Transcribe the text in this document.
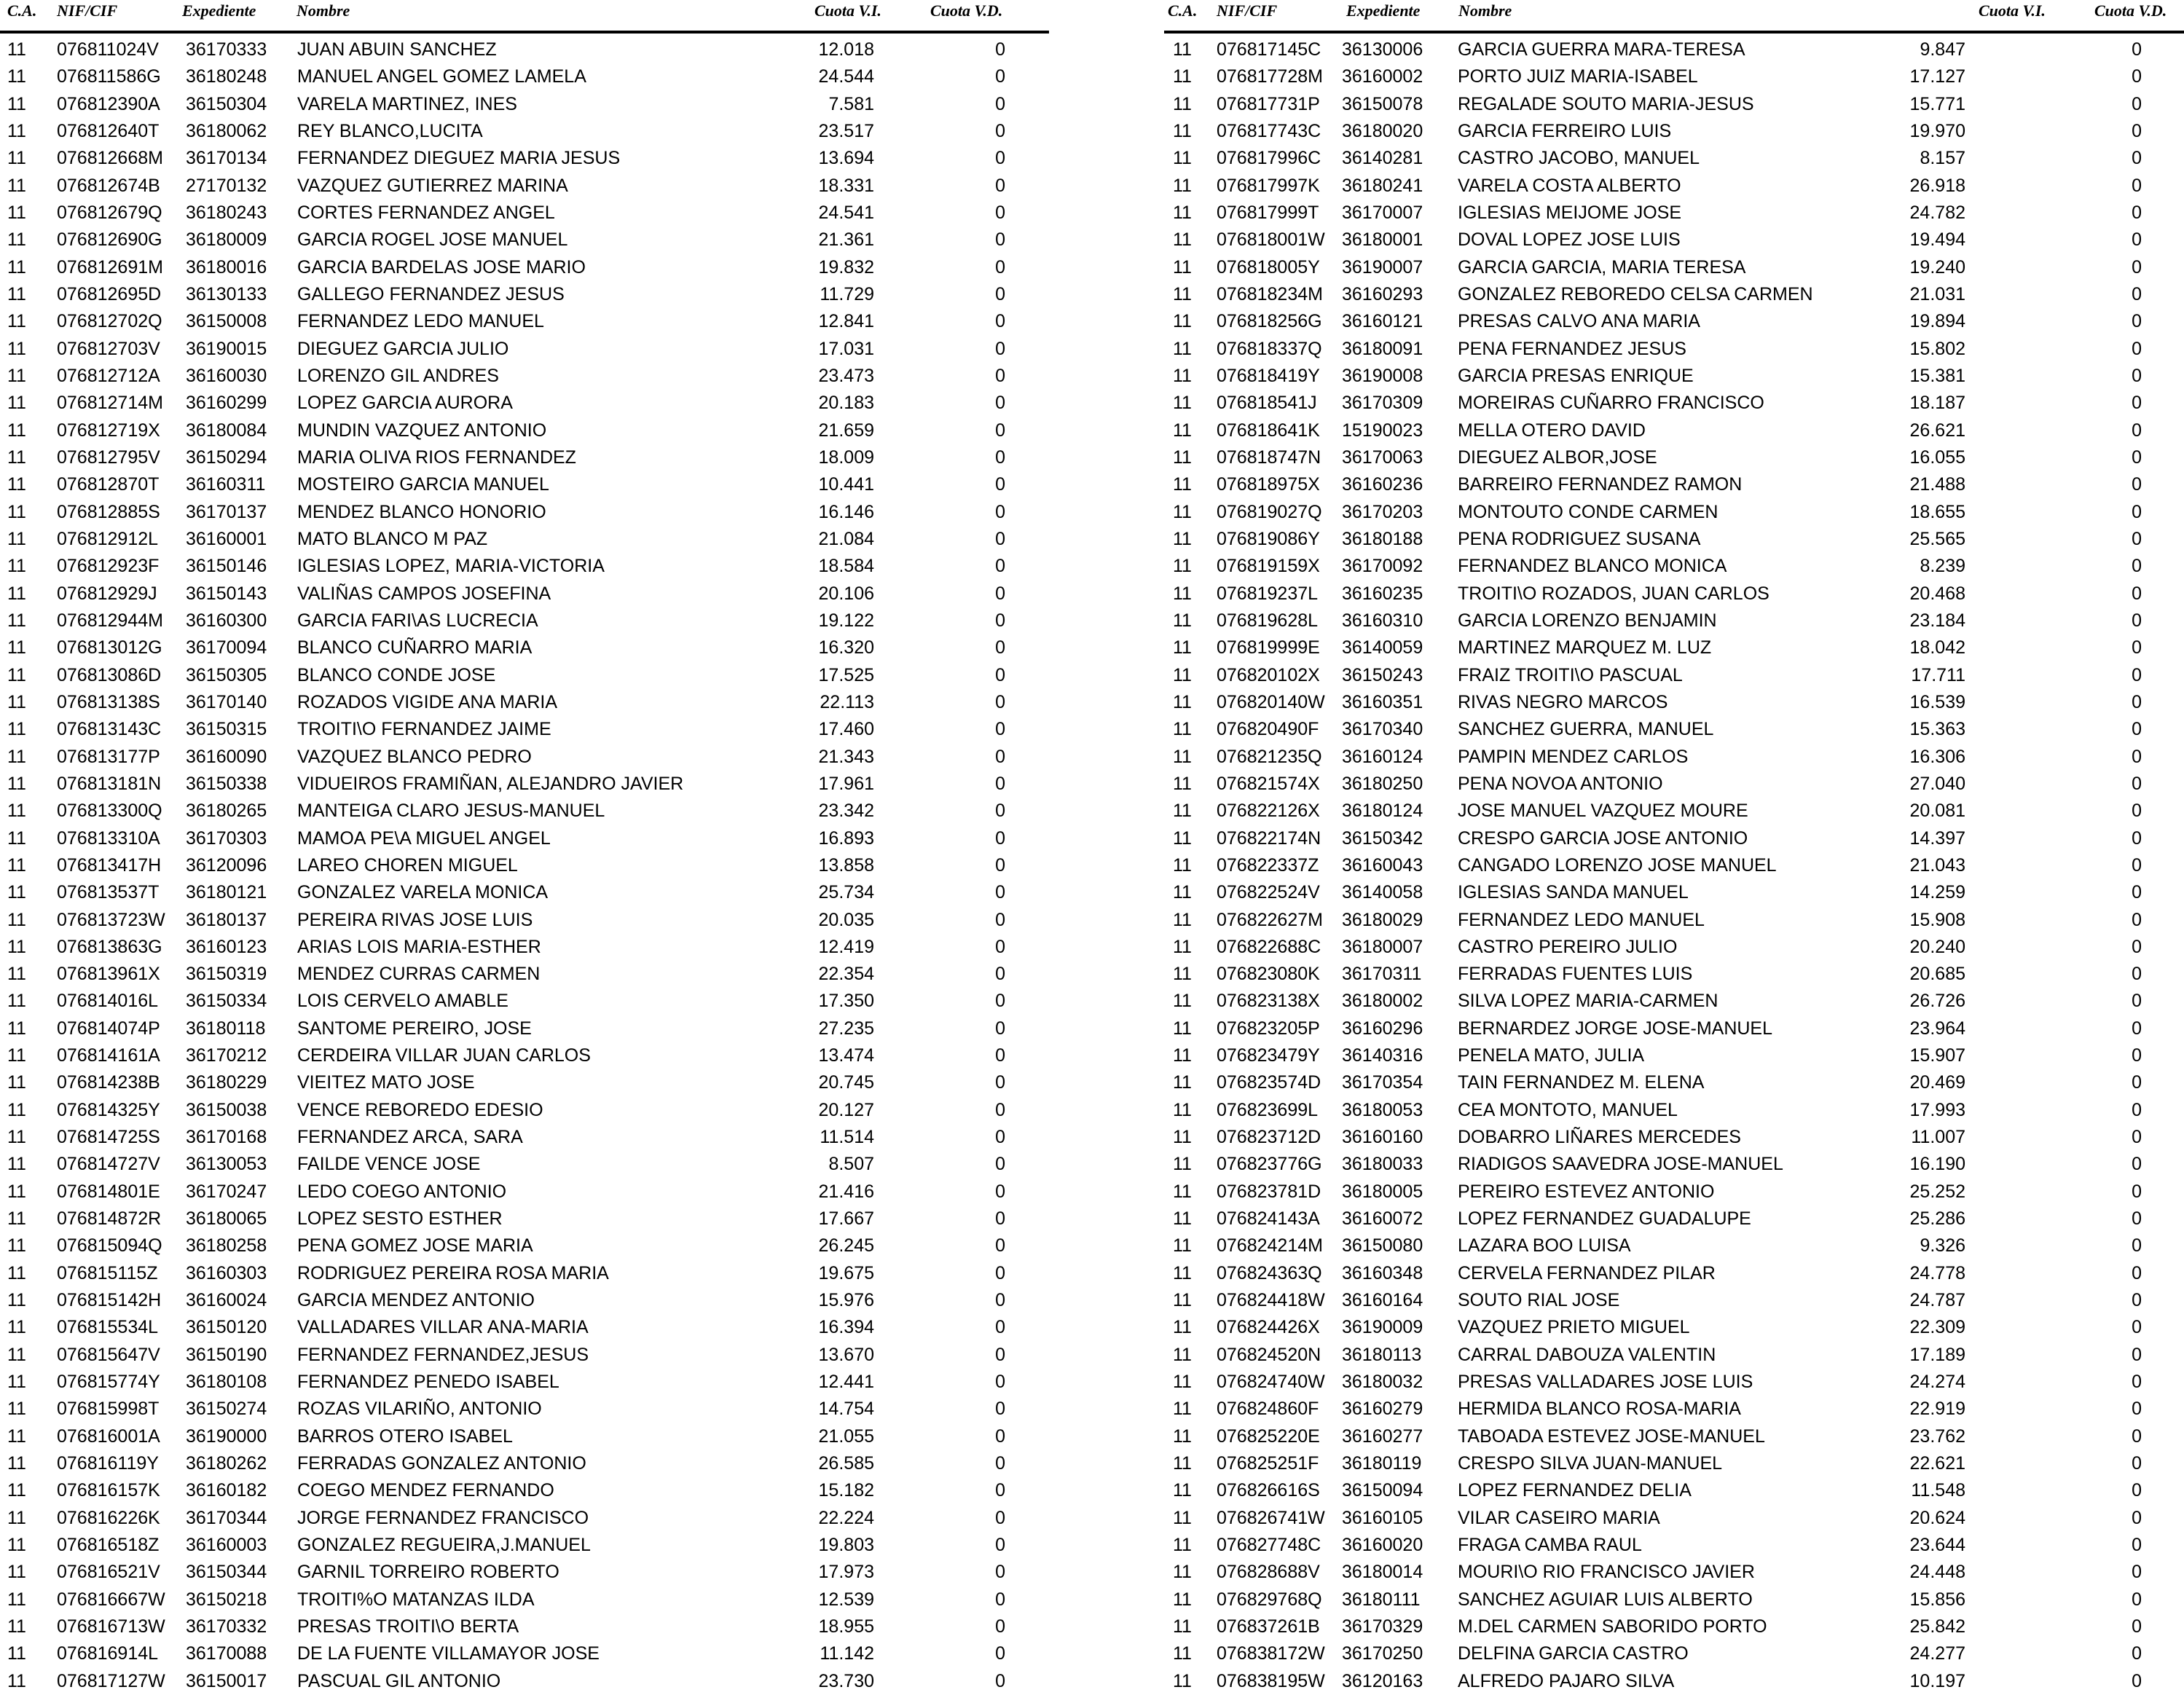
C.A. NIF/CIF	Expediente	Nombre	Cuota V.I.	Cuota V.D.
11 076811024V 36170333 JUAN ABUIN SANCHEZ	12.018	0
11 076811586G 36180248 MANUEL ANGEL GOMEZ LAMELA	24.544	0
11 076812390A 36150304 VARELA MARTINEZ, INES	7.581	0
11 076812640T 36180062 REY BLANCO,LUCITA	23.517	0
11 076812668M 36170134 FERNANDEZ DIEGUEZ MARIA JESUS	13.694	0
11 076812674B 27170132 VAZQUEZ GUTIERREZ MARINA	18.331	0
11 076812679Q 36180243 CORTES FERNANDEZ ANGEL	24.541	0
11 076812690G 36180009 GARCIA ROGEL JOSE MANUEL	21.361	0
11 076812691M 36180016 GARCIA BARDELAS JOSE MARIO	19.832	0
11 076812695D 36130133 GALLEGO FERNANDEZ JESUS	11.729	0
11 076812702Q 36150008 FERNANDEZ LEDO MANUEL	12.841	0
11 076812703V 36190015 DIEGUEZ GARCIA JULIO	17.031	0
11 076812712A 36160030 LORENZO GIL ANDRES	23.473	0
11 076812714M 36160299 LOPEZ GARCIA AURORA	20.183	0
11 076812719X 36180084 MUNDIN VAZQUEZ ANTONIO	21.659	0
11 076812795V 36150294 MARIA OLIVA RIOS FERNANDEZ	18.009	0
11 076812870T 36160311 MOSTEIRO GARCIA MANUEL	10.441	0
11 076812885S 36170137 MENDEZ BLANCO HONORIO	16.146	0
11 076812912L 36160001 MATO BLANCO M PAZ	21.084	0
11 076812923F 36150146 IGLESIAS LOPEZ, MARIA-VICTORIA	18.584	0
11 076812929J 36150143 VALIÑAS CAMPOS JOSEFINA	20.106	0
11 076812944M 36160300 GARCIA FARI\AS LUCRECIA	19.122	0
11 076813012G 36170094 BLANCO CUÑARRO MARIA	16.320	0
11 076813086D 36150305 BLANCO CONDE JOSE	17.525	0
11 076813138S 36170140 ROZADOS VIGIDE ANA MARIA	22.113	0
11 076813143C 36150315 TROITI\O FERNANDEZ JAIME	17.460	0
11 076813177P 36160090 VAZQUEZ BLANCO PEDRO	21.343	0
11 076813181N 36150338 VIDUEIROS FRAMIÑAN, ALEJANDRO JAVIER	17.961	0
11 076813300Q 36180265 MANTEIGA CLARO JESUS-MANUEL	23.342	0
11 076813310A 36170303 MAMOA PE\A MIGUEL ANGEL	16.893	0
11 076813417H 36120096 LAREO CHOREN MIGUEL	13.858	0
11 076813537T 36180121 GONZALEZ VARELA MONICA	25.734	0
11 076813723W 36180137 PEREIRA RIVAS JOSE LUIS	20.035	0
11 076813863G 36160123 ARIAS LOIS MARIA-ESTHER	12.419	0
11 076813961X 36150319 MENDEZ CURRAS CARMEN	22.354	0
11 076814016L 36150334 LOIS CERVELO AMABLE	17.350	0
11 076814074P 36180118 SANTOME PEREIRO, JOSE	27.235	0
11 076814161A 36170212 CERDEIRA VILLAR JUAN CARLOS	13.474	0
11 076814238B 36180229 VIEITEZ MATO JOSE	20.745	0
11 076814325Y 36150038 VENCE REBOREDO EDESIO	20.127	0
11 076814725S 36170168 FERNANDEZ ARCA, SARA	11.514	0
11 076814727V 36130053 FAILDE VENCE JOSE	8.507	0
11 076814801E 36170247 LEDO COEGO ANTONIO	21.416	0
11 076814872R 36180065 LOPEZ SESTO ESTHER	17.667	0
11 076815094Q 36180258 PENA GOMEZ JOSE MARIA	26.245	0
11 076815115Z 36160303 RODRIGUEZ PEREIRA ROSA MARIA	19.675	0
11 076815142H 36160024 GARCIA MENDEZ ANTONIO	15.976	0
11 076815534L 36150120 VALLADARES VILLAR ANA-MARIA	16.394	0
11 076815647V 36150190 FERNANDEZ FERNANDEZ,JESUS	13.670	0
11 076815774Y 36180108 FERNANDEZ PENEDO ISABEL	12.441	0
11 076815998T 36150274 ROZAS VILARIÑO, ANTONIO	14.754	0
11 076816001A 36190000 BARROS OTERO ISABEL	21.055	0
11 076816119Y 36180262 FERRADAS GONZALEZ ANTONIO	26.585	0
11 076816157K 36160182 COEGO MENDEZ FERNANDO	15.182	0
11 076816226K 36170344 JORGE FERNANDEZ FRANCISCO	22.224	0
11 076816518Z 36160003 GONZALEZ REGUEIRA,J.MANUEL	19.803	0
11 076816521V 36150344 GARNIL TORREIRO ROBERTO	17.973	0
11 076816667W 36150218 TROITI%O MATANZAS ILDA	12.539	0
11 076816713W 36170332 PRESAS TROITI\O BERTA	18.955	0
11 076816914L 36170088 DE LA FUENTE VILLAMAYOR JOSE	11.142	0
11 076817127W 36150017 PASCUAL GIL ANTONIO	23.730	0
C.A. NIF/CIF	Expediente Nombre	Cuota V.I.	Cuota V.D.
11 076817145C 36130006 GARCIA GUERRA MARA-TERESA	9.847	0
11 076817728M 36160002 PORTO JUIZ MARIA-ISABEL	17.127	0
11 076817731P 36150078 REGALADE SOUTO MARIA-JESUS	15.771	0
11 076817743C 36180020 GARCIA FERREIRO LUIS	19.970	0
11 076817996C 36140281 CASTRO JACOBO, MANUEL	8.157	0
11 076817997K 36180241 VARELA COSTA ALBERTO	26.918	0
11 076817999T 36170007 IGLESIAS MEIJOME JOSE	24.782	0
11 076818001W 36180001 DOVAL LOPEZ JOSE LUIS	19.494	0
11 076818005Y 36190007 GARCIA GARCIA, MARIA TERESA	19.240	0
11 076818234M 36160293 GONZALEZ REBOREDO CELSA CARMEN	21.031	0
11 076818256G 36160121 PRESAS CALVO ANA MARIA	19.894	0
11 076818337Q 36180091 PENA FERNANDEZ JESUS	15.802	0
11 076818419Y 36190008 GARCIA PRESAS ENRIQUE	15.381	0
11 076818541J 36170309 MOREIRAS CUÑARRO FRANCISCO	18.187	0
11 076818641K 15190023 MELLA OTERO DAVID	26.621	0
11 076818747N 36170063 DIEGUEZ ALBOR,JOSE	16.055	0
11 076818975X 36160236 BARREIRO FERNANDEZ RAMON	21.488	0
11 076819027Q 36170203 MONTOUTO CONDE CARMEN	18.655	0
11 076819086Y 36180188 PENA RODRIGUEZ SUSANA	25.565	0
11 076819159X 36170092 FERNANDEZ BLANCO MONICA	8.239	0
11 076819237L 36160235 TROITI\O ROZADOS, JUAN CARLOS	20.468	0
11 076819628L 36160310 GARCIA LORENZO BENJAMIN	23.184	0
11 076819999E 36140059 MARTINEZ MARQUEZ M. LUZ	18.042	0
11 076820102X 36150243 FRAIZ TROITI\O PASCUAL	17.711	0
11 076820140W 36160351 RIVAS NEGRO MARCOS	16.539	0
11 076820490F 36170340 SANCHEZ GUERRA, MANUEL	15.363	0
11 076821235Q 36160124 PAMPIN MENDEZ CARLOS	16.306	0
11 076821574X 36180250 PENA NOVOA ANTONIO	27.040	0
11 076822126X 36180124 JOSE MANUEL VAZQUEZ MOURE	20.081	0
11 076822174N 36150342 CRESPO GARCIA JOSE ANTONIO	14.397	0
11 076822337Z 36160043 CANGADO LORENZO JOSE MANUEL	21.043	0
11 076822524V 36140058 IGLESIAS SANDA MANUEL	14.259	0
11 076822627M 36180029 FERNANDEZ LEDO MANUEL	15.908	0
11 076822688C 36180007 CASTRO PEREIRO JULIO	20.240	0
11 076823080K 36170311 FERRADAS FUENTES LUIS	20.685	0
11 076823138X 36180002 SILVA LOPEZ MARIA-CARMEN	26.726	0
11 076823205P 36160296 BERNARDEZ JORGE JOSE-MANUEL	23.964	0
11 076823479Y 36140316 PENELA MATO, JULIA	15.907	0
11 076823574D 36170354 TAIN FERNANDEZ M. ELENA	20.469	0
11 076823699L 36180053 CEA MONTOTO, MANUEL	17.993	0
11 076823712D 36160160 DOBARRO LIÑARES MERCEDES	11.007	0
11 076823776G 36180033 RIADIGOS SAAVEDRA JOSE-MANUEL	16.190	0
11 076823781D 36180005 PEREIRO ESTEVEZ ANTONIO	25.252	0
11 076824143A 36160072 LOPEZ FERNANDEZ GUADALUPE	25.286	0
11 076824214M 36150080 LAZARA BOO LUISA	9.326	0
11 076824363Q 36160348 CERVELA FERNANDEZ PILAR	24.778	0
11 076824418W 36160164 SOUTO RIAL JOSE	24.787	0
11 076824426X 36190009 VAZQUEZ PRIETO MIGUEL	22.309	0
11 076824520N 36180113 CARRAL DABOUZA VALENTIN	17.189	0
11 076824740W 36180032 PRESAS VALLADARES JOSE LUIS	24.274	0
11 076824860F 36160279 HERMIDA BLANCO ROSA-MARIA	22.919	0
11 076825220E 36160277 TABOADA ESTEVEZ JOSE-MANUEL	23.762	0
11 076825251F 36180119 CRESPO SILVA JUAN-MANUEL	22.621	0
11 076826616S 36150094 LOPEZ FERNANDEZ DELIA	11.548	0
11 076826741W 36160105 VILAR CASEIRO MARIA	20.624	0
11 076827748C 36160020 FRAGA CAMBA RAUL	23.644	0
11 076828688V 36180014 MOURI\O RIO FRANCISCO JAVIER	24.448	0
11 076829768Q 36180111 SANCHEZ AGUIAR LUIS ALBERTO	15.856	0
11 076837261B 36170329 M.DEL CARMEN SABORIDO PORTO	25.842	0
11 076838172W 36170250 DELFINA GARCIA CASTRO	24.277	0
11 076838195W 36120163 ALFREDO PAJARO SILVA	10.197	0
